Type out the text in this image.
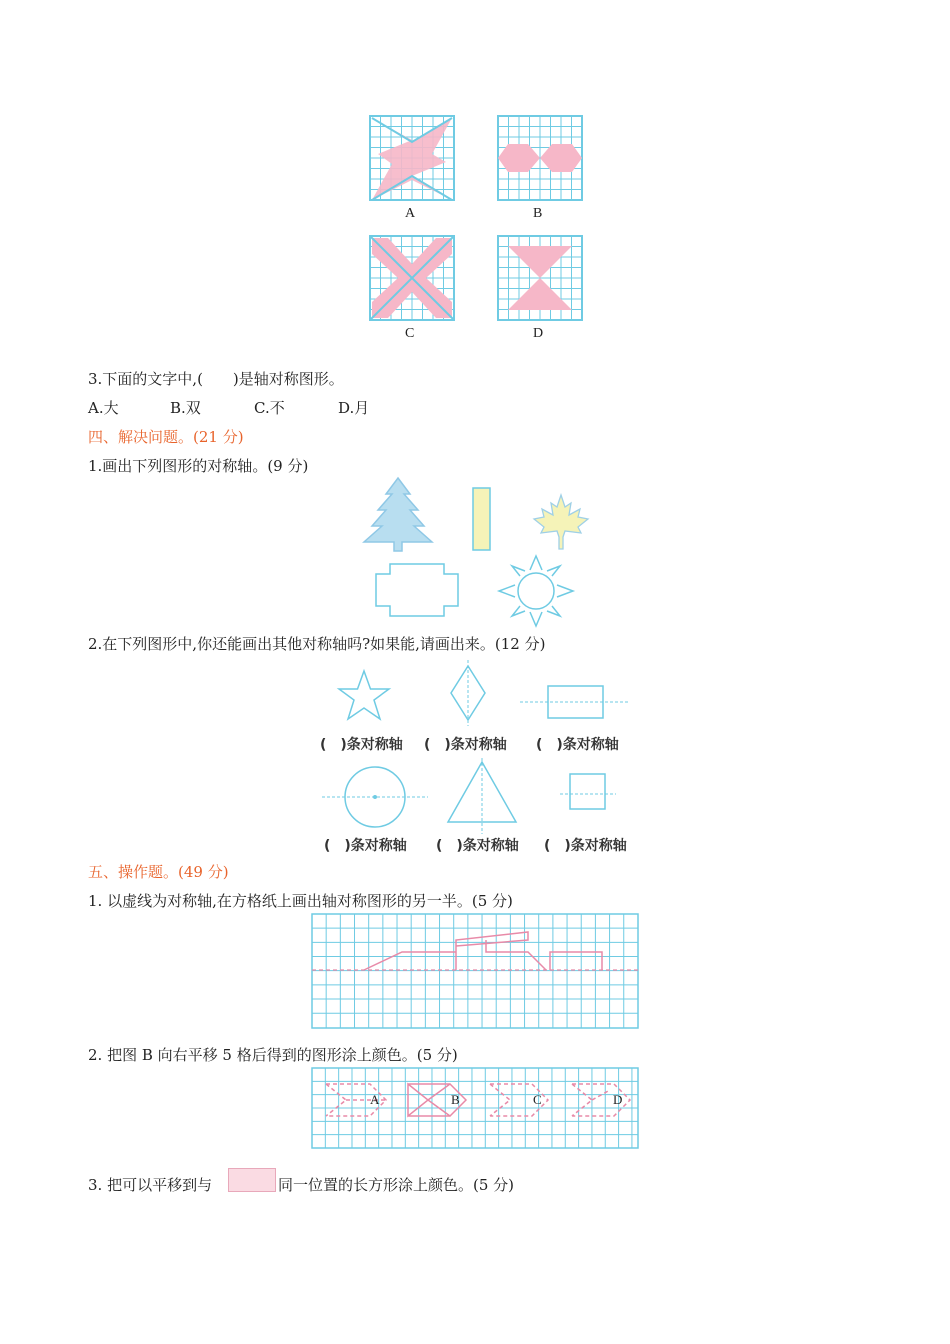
A	B
C	D
3.下面的文字中,(　　)是轴对称图形。
A.大	B.双	C.不	D.月
四、解决问题。(21 分)
1.画出下列图形的对称轴。(9 分)
2.在下列图形中,你还能画出其他对称轴吗?如果能,请画出来。(12 分)
(　)条对称轴 (　)条对称轴 (　)条对称轴
(　)条对称轴 (　)条对称轴 (　)条对称轴
五、操作题。(49 分)
1. 以虚线为对称轴,在方格纸上画出轴对称图形的另一半。(5 分)
2. 把图 B 向右平移 5 格后得到的图形涂上颜色。(5 分)
A	B	C	D
3. 把可以平移到与	同一位置的长方形涂上颜色。(5 分)
